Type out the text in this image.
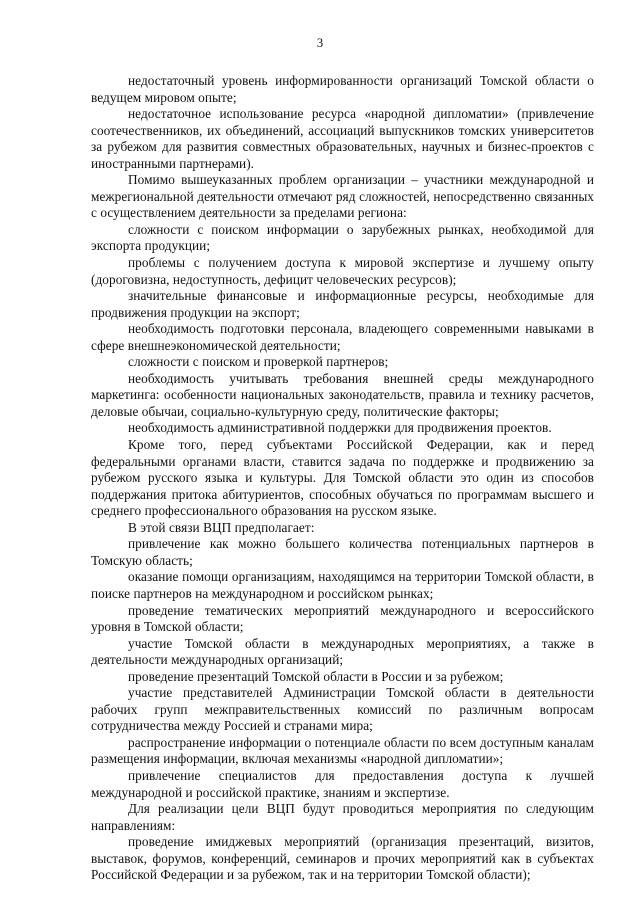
3

недостаточный уровень информированности организаций Томской области о ведущем мировом опыте;

недостаточное использование ресурса «народной дипломатии» (привлечение соотечественников, их объединений, ассоциаций выпускников томских университетов за рубежом для развития совместных образовательных, научных и бизнес-проектов с иностранными партнерами).

Помимо вышеуказанных проблем организации – участники международной и межрегиональной деятельности отмечают ряд сложностей, непосредственно связанных с осуществлением деятельности за пределами региона:

сложности с поиском информации о зарубежных рынках, необходимой для экспорта продукции;

проблемы с получением доступа к мировой экспертизе и лучшему опыту (дороговизна, недоступность, дефицит человеческих ресурсов);

значительные финансовые и информационные ресурсы, необходимые для продвижения продукции на экспорт;

необходимость подготовки персонала, владеющего современными навыками в сфере внешнеэкономической деятельности;

сложности с поиском и проверкой партнеров;

необходимость учитывать требования внешней среды международного маркетинга: особенности национальных законодательств, правила и технику расчетов, деловые обычаи, социально-культурную среду, политические факторы;

необходимость административной поддержки для продвижения проектов.

Кроме того, перед субъектами Российской Федерации, как и перед федеральными органами власти, ставится задача по поддержке и продвижению за рубежом русского языка и культуры. Для Томской области это один из способов поддержания притока абитуриентов, способных обучаться по программам высшего и среднего профессионального образования на русском языке.

В этой связи ВЦП предполагает:

привлечение как можно большего количества потенциальных партнеров в Томскую область;

оказание помощи организациям, находящимся на территории Томской области, в поиске партнеров на международном и российском рынках;

проведение тематических мероприятий международного и всероссийского уровня в Томской области;

участие Томской области в международных мероприятиях, а также в деятельности международных организаций;

проведение презентаций Томской области в России и за рубежом;

участие представителей Администрации Томской области в деятельности рабочих групп межправительственных комиссий по различным вопросам сотрудничества между Россией и странами мира;

распространение информации о потенциале области по всем доступным каналам размещения информации, включая механизмы «народной дипломатии»;

привлечение специалистов для предоставления доступа к лучшей международной и российской практике, знаниям и экспертизе.

Для реализации цели ВЦП будут проводиться мероприятия по следующим направлениям:

проведение имиджевых мероприятий (организация презентаций, визитов, выставок, форумов, конференций, семинаров и прочих мероприятий как в субъектах Российской Федерации и за рубежом, так и на территории Томской области);
